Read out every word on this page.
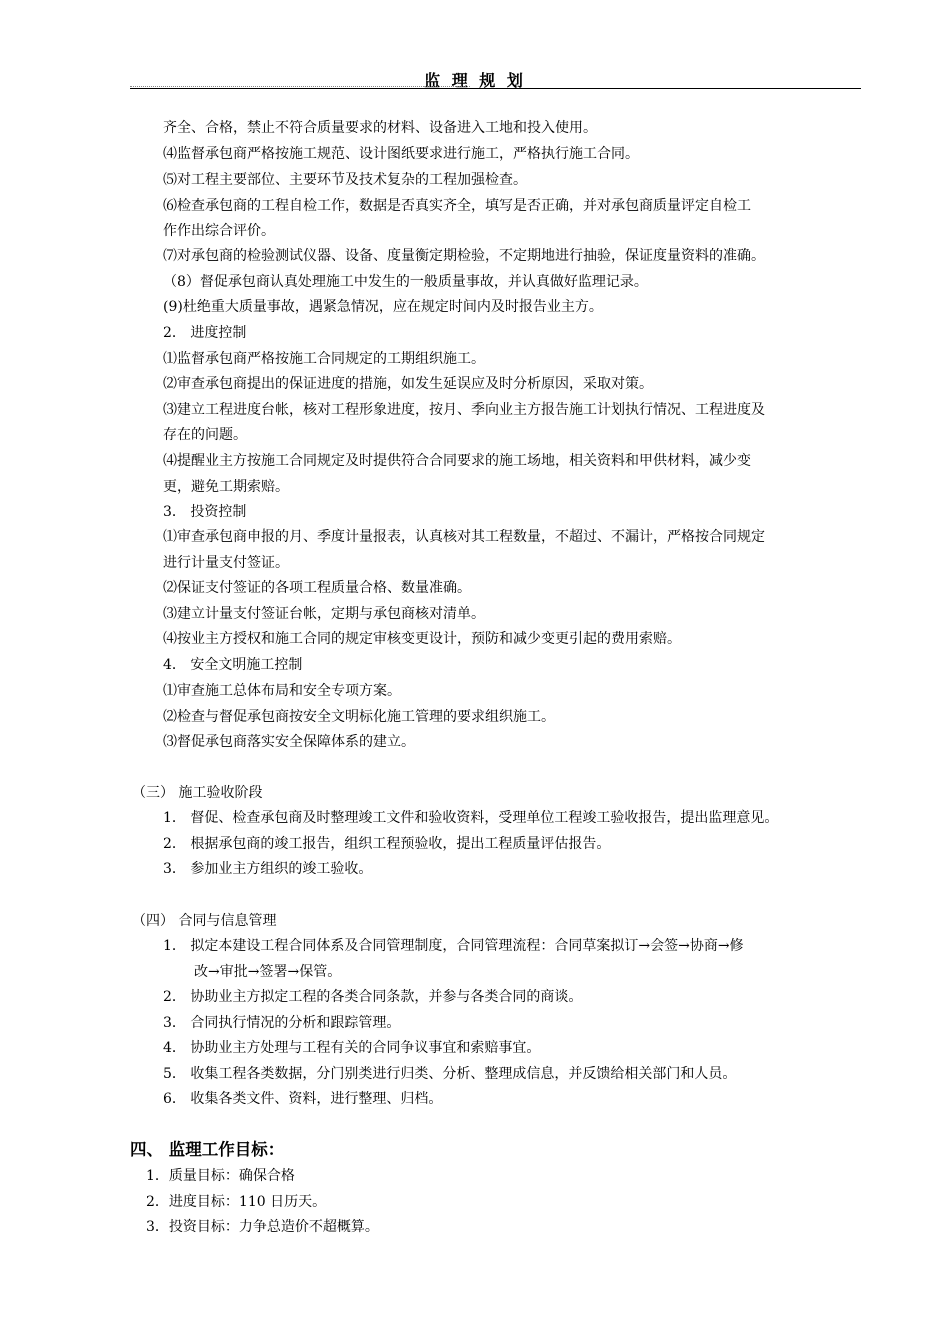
监 理 规 划
齐全、合格，禁止不符合质量要求的材料、设备进入工地和投入使用。
⑷监督承包商严格按施工规范、设计图纸要求进行施工，严格执行施工合同。
⑸对工程主要部位、主要环节及技术复杂的工程加强检查。
⑹检查承包商的工程自检工作，数据是否真实齐全，填写是否正确，并对承包商质量评定自检工
作作出综合评价。
⑺对承包商的检验测试仪器、设备、度量衡定期检验，不定期地进行抽验，保证度量资料的准确。
（8）督促承包商认真处理施工中发生的一般质量事故，并认真做好监理记录。
(9)杜绝重大质量事故，遇紧急情况，应在规定时间内及时报告业主方。
2． 进度控制
⑴监督承包商严格按施工合同规定的工期组织施工。
⑵审查承包商提出的保证进度的措施，如发生延误应及时分析原因，采取对策。
⑶建立工程进度台帐，核对工程形象进度，按月、季向业主方报告施工计划执行情况、工程进度及
存在的问题。
⑷提醒业主方按施工合同规定及时提供符合合同要求的施工场地，相关资料和甲供材料，减少变
更，避免工期索赔。
3． 投资控制
⑴审查承包商申报的月、季度计量报表，认真核对其工程数量，不超过、不漏计，严格按合同规定
进行计量支付签证。
⑵保证支付签证的各项工程质量合格、数量准确。
⑶建立计量支付签证台帐，定期与承包商核对清单。
⑷按业主方授权和施工合同的规定审核变更设计，预防和减少变更引起的费用索赔。
4． 安全文明施工控制
⑴审查施工总体布局和安全专项方案。
⑵检查与督促承包商按安全文明标化施工管理的要求组织施工。
⑶督促承包商落实安全保障体系的建立。
（三） 施工验收阶段
1． 督促、检查承包商及时整理竣工文件和验收资料，受理单位工程竣工验收报告，提出监理意见。
2． 根据承包商的竣工报告，组织工程预验收，提出工程质量评估报告。
3． 参加业主方组织的竣工验收。
（四） 合同与信息管理
1． 拟定本建设工程合同体系及合同管理制度，合同管理流程：合同草案拟订→会签→协商→修
改→审批→签署→保管。
2． 协助业主方拟定工程的各类合同条款，并参与各类合同的商谈。
3． 合同执行情况的分析和跟踪管理。
4． 协助业主方处理与工程有关的合同争议事宜和索赔事宜。
5． 收集工程各类数据，分门别类进行归类、分析、整理成信息，并反馈给相关部门和人员。
6． 收集各类文件、资料，进行整理、归档。
四、 监理工作目标：
1．质量目标：确保合格
2．进度目标：110 日历天。
3．投资目标：力争总造价不超概算。
